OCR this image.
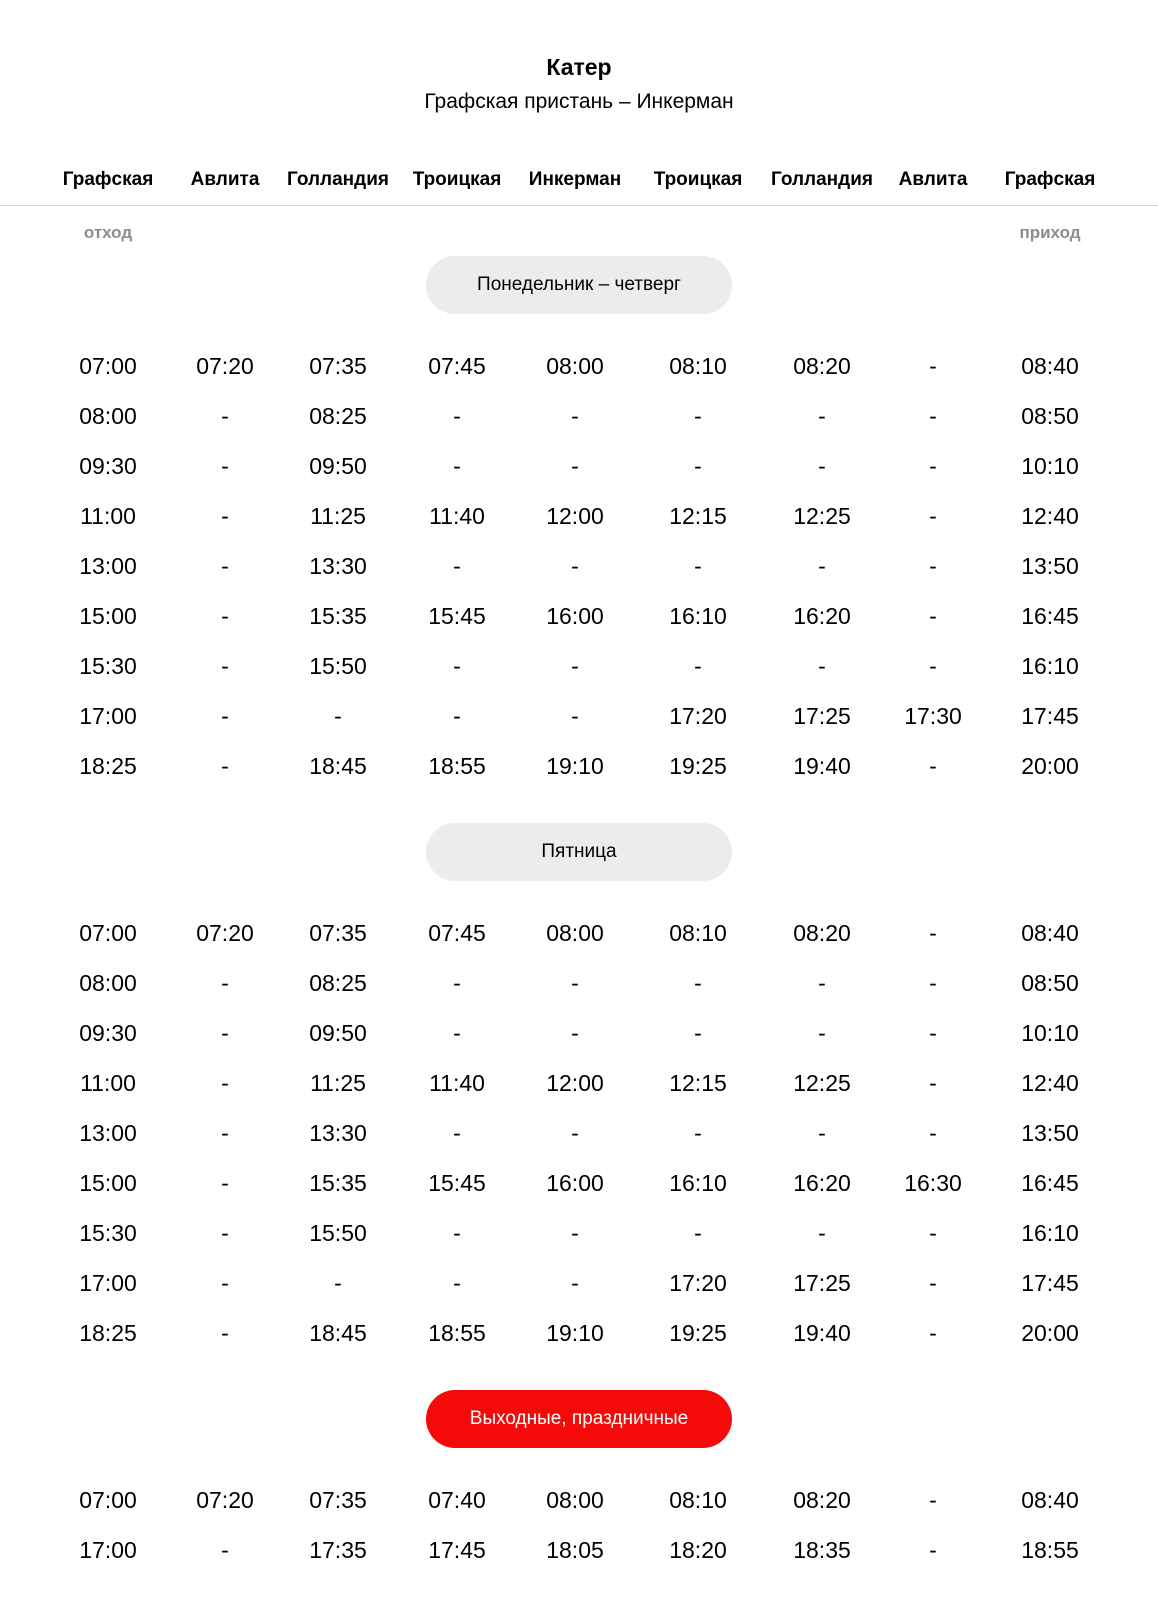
Катер
Графская пристань – Инкерман
Графская	Авлита	Голландия	Троицкая	Инкерман	Троицкая	Голландия	Авлита	Графская
отход	приход
Понедельник – четверг
07:00	07:20	07:35	07:45	08:00	08:10	08:20	-	08:40
08:00	-	08:25	-	-	-	-	-	08:50
09:30	-	09:50	-	-	-	-	-	10:10
11:00	-	11:25	11:40	12:00	12:15	12:25	-	12:40
13:00	-	13:30	-	-	-	-	-	13:50
15:00	-	15:35	15:45	16:00	16:10	16:20	-	16:45
15:30	-	15:50	-	-	-	-	-	16:10
17:00	-	-	-	-	17:20	17:25	17:30	17:45
18:25	-	18:45	18:55	19:10	19:25	19:40	-	20:00
Пятница
07:00	07:20	07:35	07:45	08:00	08:10	08:20	-	08:40
08:00	-	08:25	-	-	-	-	-	08:50
09:30	-	09:50	-	-	-	-	-	10:10
11:00	-	11:25	11:40	12:00	12:15	12:25	-	12:40
13:00	-	13:30	-	-	-	-	-	13:50
15:00	-	15:35	15:45	16:00	16:10	16:20	16:30	16:45
15:30	-	15:50	-	-	-	-	-	16:10
17:00	-	-	-	-	17:20	17:25	-	17:45
18:25	-	18:45	18:55	19:10	19:25	19:40	-	20:00
Выходные, праздничные
07:00	07:20	07:35	07:40	08:00	08:10	08:20	-	08:40
17:00	-	17:35	17:45	18:05	18:20	18:35	-	18:55
